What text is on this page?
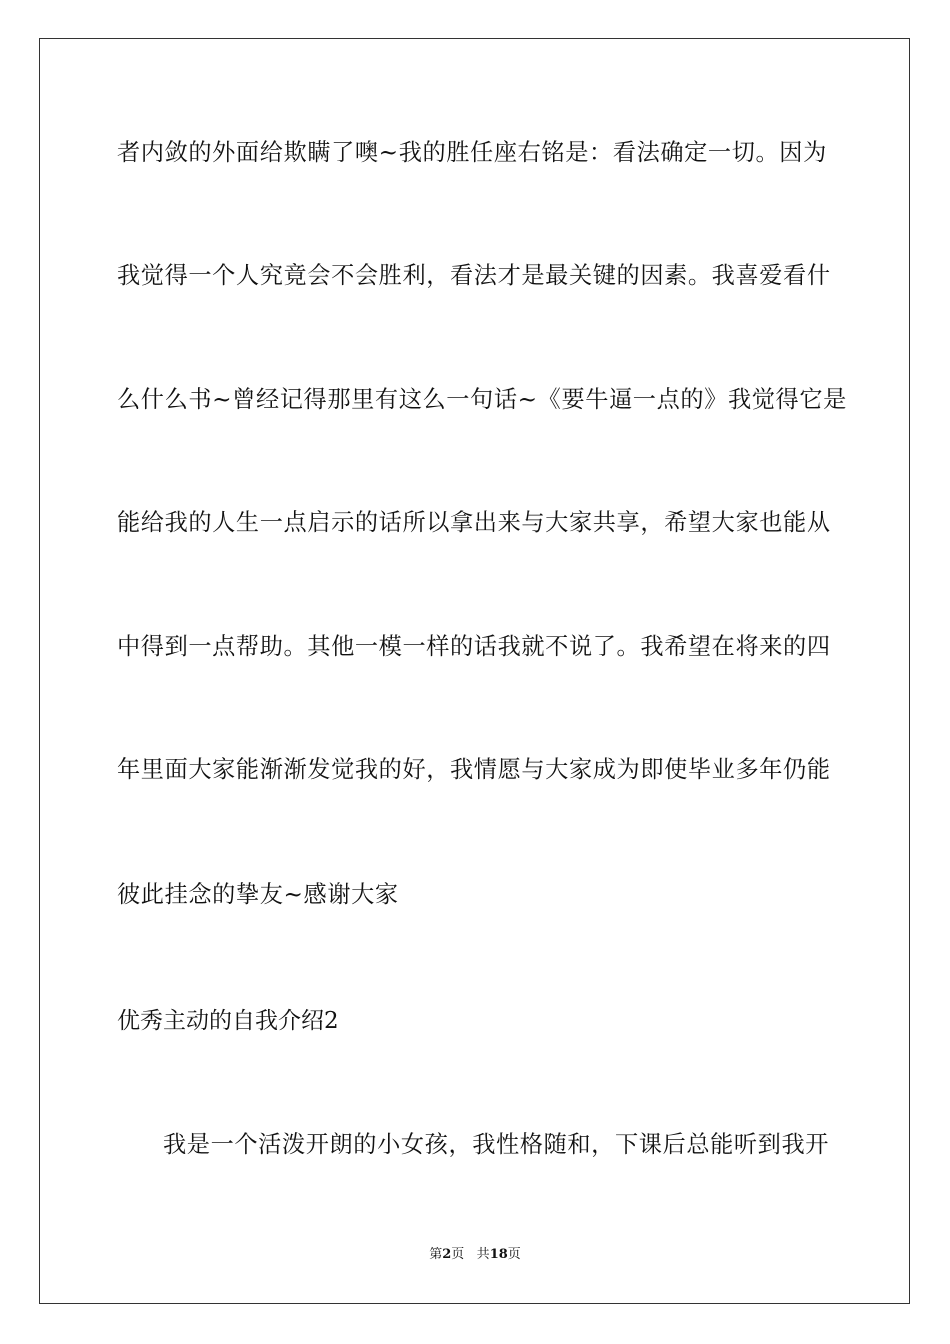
者内敛的外面给欺瞒了噢~我的胜任座右铭是：看法确定一切。因为
我觉得一个人究竟会不会胜利，看法才是最关键的因素。我喜爱看什
么什么书~曾经记得那里有这么一句话~《要牛逼一点的》我觉得它是
能给我的人生一点启示的话所以拿出来与大家共享，希望大家也能从
中得到一点帮助。其他一模一样的话我就不说了。我希望在将来的四
年里面大家能渐渐发觉我的好，我情愿与大家成为即使毕业多年仍能
彼此挂念的挚友~感谢大家
优秀主动的自我介绍2
我是一个活泼开朗的小女孩，我性格随和，下课后总能听到我开
第2页 共18页
